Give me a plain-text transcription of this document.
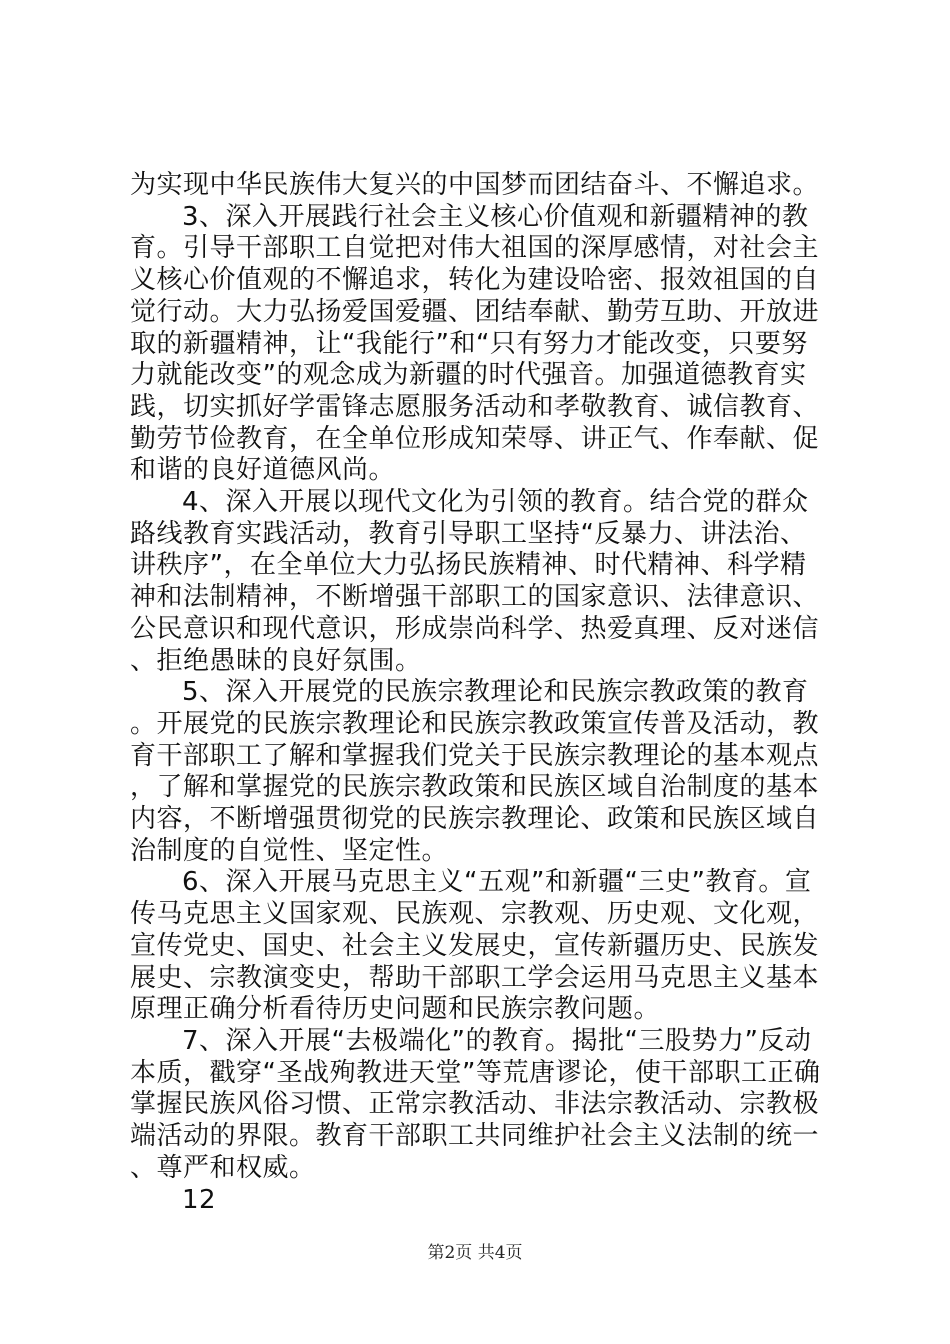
为实现中华民族伟大复兴的中国梦而团结奋斗、不懈追求。

3、深入开展践行社会主义核心价值观和新疆精神的教育。引导干部职工自觉把对伟大祖国的深厚感情，对社会主义核心价值观的不懈追求，转化为建设哈密、报效祖国的自觉行动。大力弘扬爱国爱疆、团结奉献、勤劳互助、开放进取的新疆精神，让“我能行”和“只有努力才能改变，只要努力就能改变”的观念成为新疆的时代强音。加强道德教育实践，切实抓好学雷锋志愿服务活动和孝敬教育、诚信教育、勤劳节俭教育，在全单位形成知荣辱、讲正气、作奉献、促和谐的良好道德风尚。

4、深入开展以现代文化为引领的教育。结合党的群众路线教育实践活动，教育引导职工坚持“反暴力、讲法治、讲秩序”，在全单位大力弘扬民族精神、时代精神、科学精神和法制精神，不断增强干部职工的国家意识、法律意识、公民意识和现代意识，形成崇尚科学、热爱真理、反对迷信、拒绝愚昧的良好氛围。

5、深入开展党的民族宗教理论和民族宗教政策的教育。开展党的民族宗教理论和民族宗教政策宣传普及活动，教育干部职工了解和掌握我们党关于民族宗教理论的基本观点，了解和掌握党的民族宗教政策和民族区域自治制度的基本内容，不断增强贯彻党的民族宗教理论、政策和民族区域自治制度的自觉性、坚定性。

6、深入开展马克思主义“五观”和新疆“三史”教育。宣传马克思主义国家观、民族观、宗教观、历史观、文化观，宣传党史、国史、社会主义发展史，宣传新疆历史、民族发展史、宗教演变史，帮助干部职工学会运用马克思主义基本原理正确分析看待历史问题和民族宗教问题。

7、深入开展“去极端化”的教育。揭批“三股势力”反动本质，戳穿“圣战殉教进天堂”等荒唐谬论，使干部职工正确掌握民族风俗习惯、正常宗教活动、非法宗教活动、宗教极端活动的界限。教育干部职工共同维护社会主义法制的统一、尊严和权威。

12

第2页 共4页
